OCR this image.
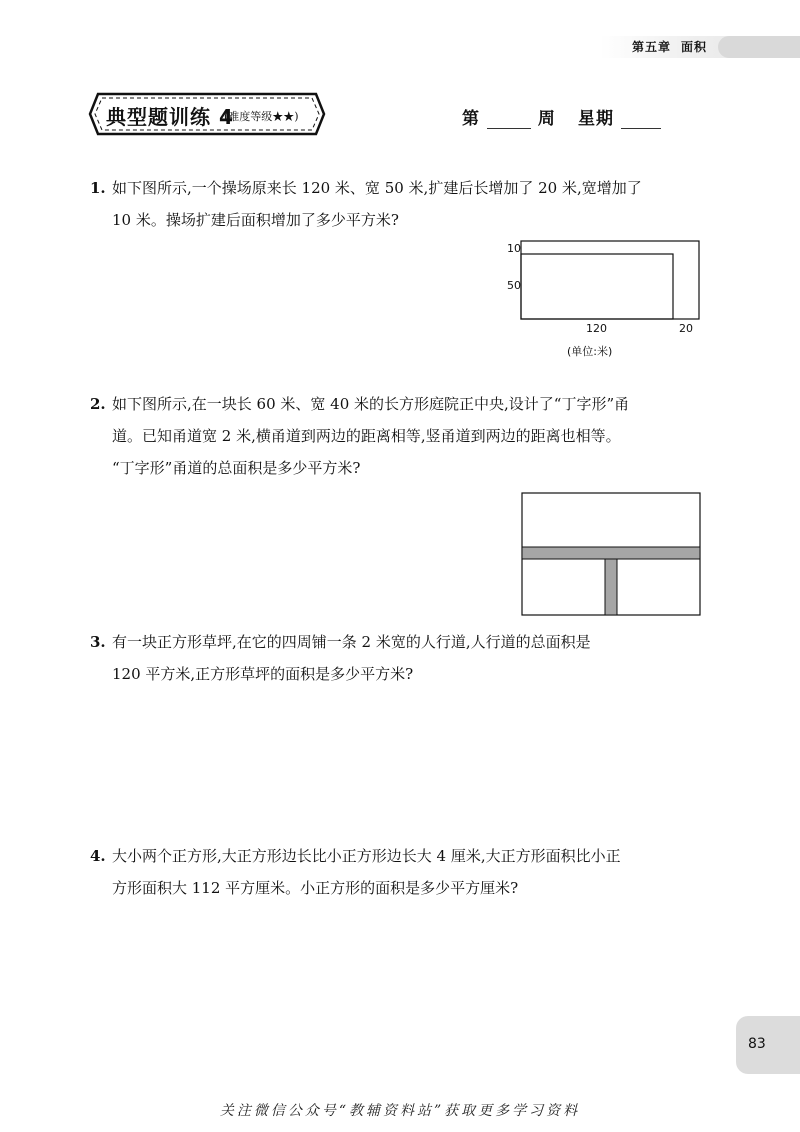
第五章 面积
典型题训练 4
(难度等级★★)	第	周 星期
1. 如下图所示,一个操场原来长 120 米、宽 50 米,扩建后长增加了 20 米,宽增加了
10 米。操场扩建后面积增加了多少平方米?
10
50
120	20
(单位:米)
2. 如下图所示,在一块长 60 米、宽 40 米的长方形庭院正中央,设计了“丁字形”甬
道。已知甬道宽 2 米,横甬道到两边的距离相等,竖甬道到两边的距离也相等。
“丁字形”甬道的总面积是多少平方米?
3. 有一块正方形草坪,在它的四周铺一条 2 米宽的人行道,人行道的总面积是
120 平方米,正方形草坪的面积是多少平方米?
4. 大小两个正方形,大正方形边长比小正方形边长大 4 厘米,大正方形面积比小正
方形面积大 112 平方厘米。小正方形的面积是多少平方厘米?
83
关注微信公众号“教辅资料站”获取更多学习资料
